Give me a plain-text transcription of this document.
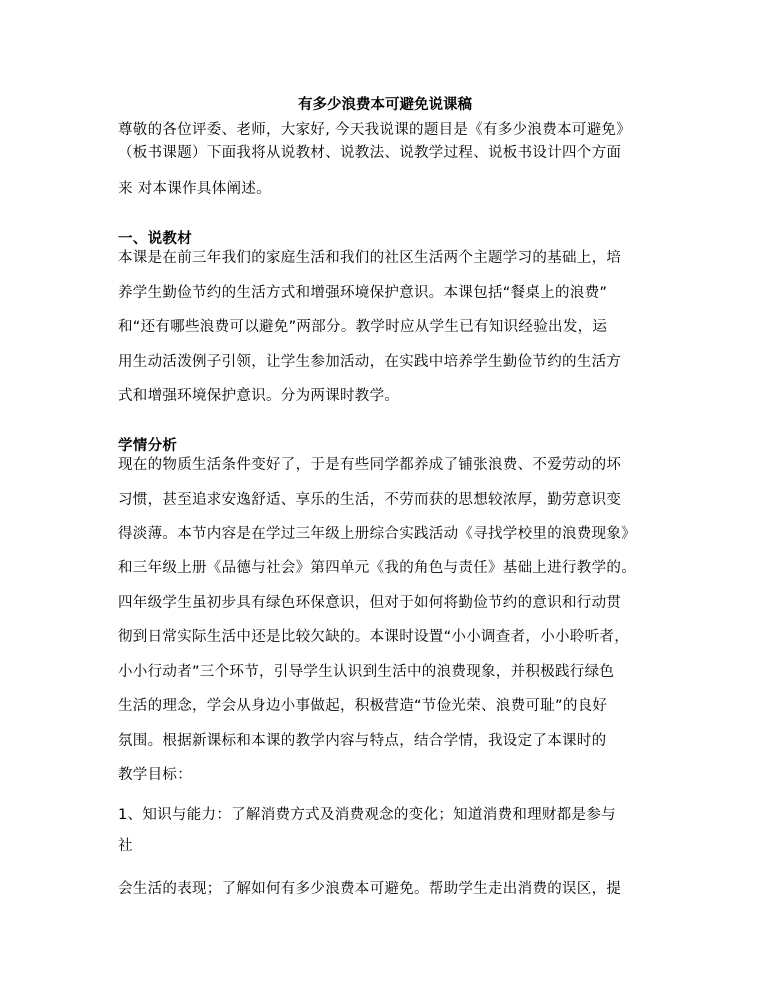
有多少浪费本可避免说课稿

尊敬的各位评委、老师，大家好, 今天我说课的题目是《有多少浪费本可避免》

（板书课题）下面我将从说教材、说教法、说教学过程、说板书设计四个方面

来 对本课作具体阐述。

一、说教材

本课是在前三年我们的家庭生活和我们的社区生活两个主题学习的基础上，培

养学生勤俭节约的生活方式和增强环境保护意识。本课包括“餐桌上的浪费”

和“还有哪些浪费可以避免”两部分。教学时应从学生已有知识经验出发，运

用生动活泼例子引领，让学生参加活动，在实践中培养学生勤俭节约的生活方

式和增强环境保护意识。分为两课时教学。

学情分析

现在的物质生活条件变好了，于是有些同学都养成了铺张浪费、不爱劳动的坏

习惯，甚至追求安逸舒适、享乐的生活，不劳而获的思想较浓厚，勤劳意识变

得淡薄。本节内容是在学过三年级上册综合实践活动《寻找学校里的浪费现象》

和三年级上册《品德与社会》第四单元《我的角色与责任》基础上进行教学的。

四年级学生虽初步具有绿色环保意识，但对于如何将勤俭节约的意识和行动贯

彻到日常实际生活中还是比较欠缺的。本课时设置“小小调查者，小小聆听者，

小小行动者”三个环节，引导学生认识到生活中的浪费现象，并积极践行绿色

生活的理念，学会从身边小事做起，积极营造“节俭光荣、浪费可耻”的良好

氛围。根据新课标和本课的教学内容与特点，结合学情，我设定了本课时的

教学目标：

1、知识与能力：了解消费方式及消费观念的变化；知道消费和理财都是参与

社

会生活的表现；了解如何有多少浪费本可避免。帮助学生走出消费的误区，提
